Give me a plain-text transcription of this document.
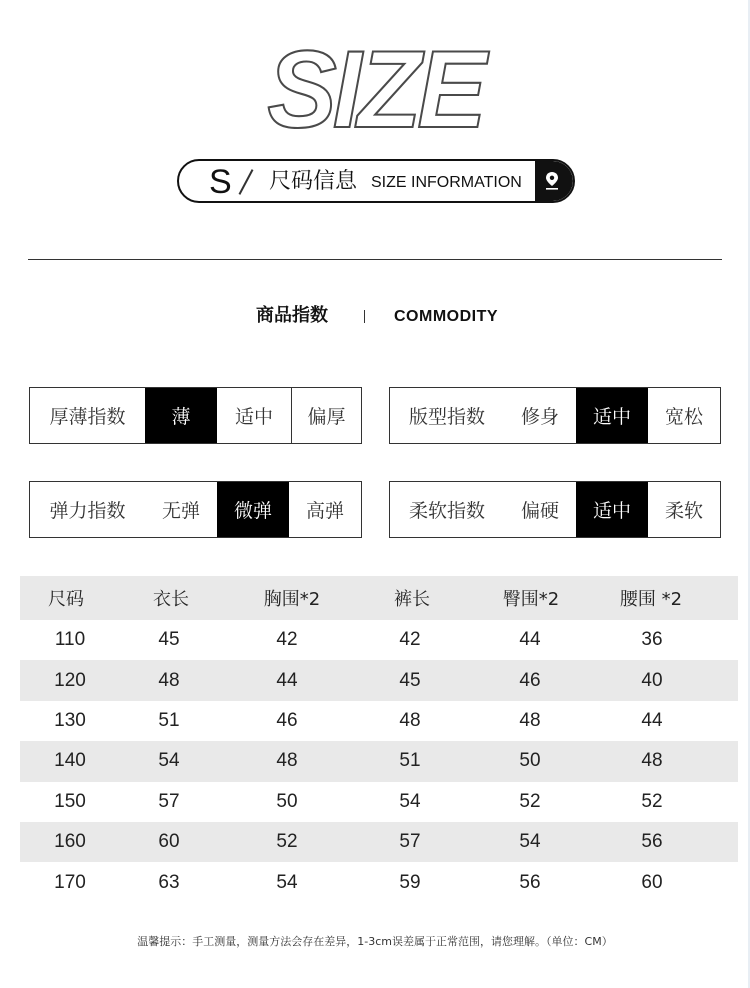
SIZE
S 尺码信息 SIZE INFORMATION
商品指数	COMMODITY
厚薄指数	薄	适中	偏厚	版型指数	修身	适中	宽松
弹力指数	无弹	微弹	高弹	柔软指数	偏硬	适中	柔软
尺码	衣长	胸围*2	裤长	臀围*2	腰围 *2
110	45	42	42	44	36
120	48	44	45	46	40
130	51	46	48	48	44
140	54	48	51	50	48
150	57	50	54	52	52
160	60	52	57	54	56
170	63	54	59	56	60
温馨提示：手工测量，测量方法会存在差异，1-3cm误差属于正常范围，请您理解。（单位：CM）
